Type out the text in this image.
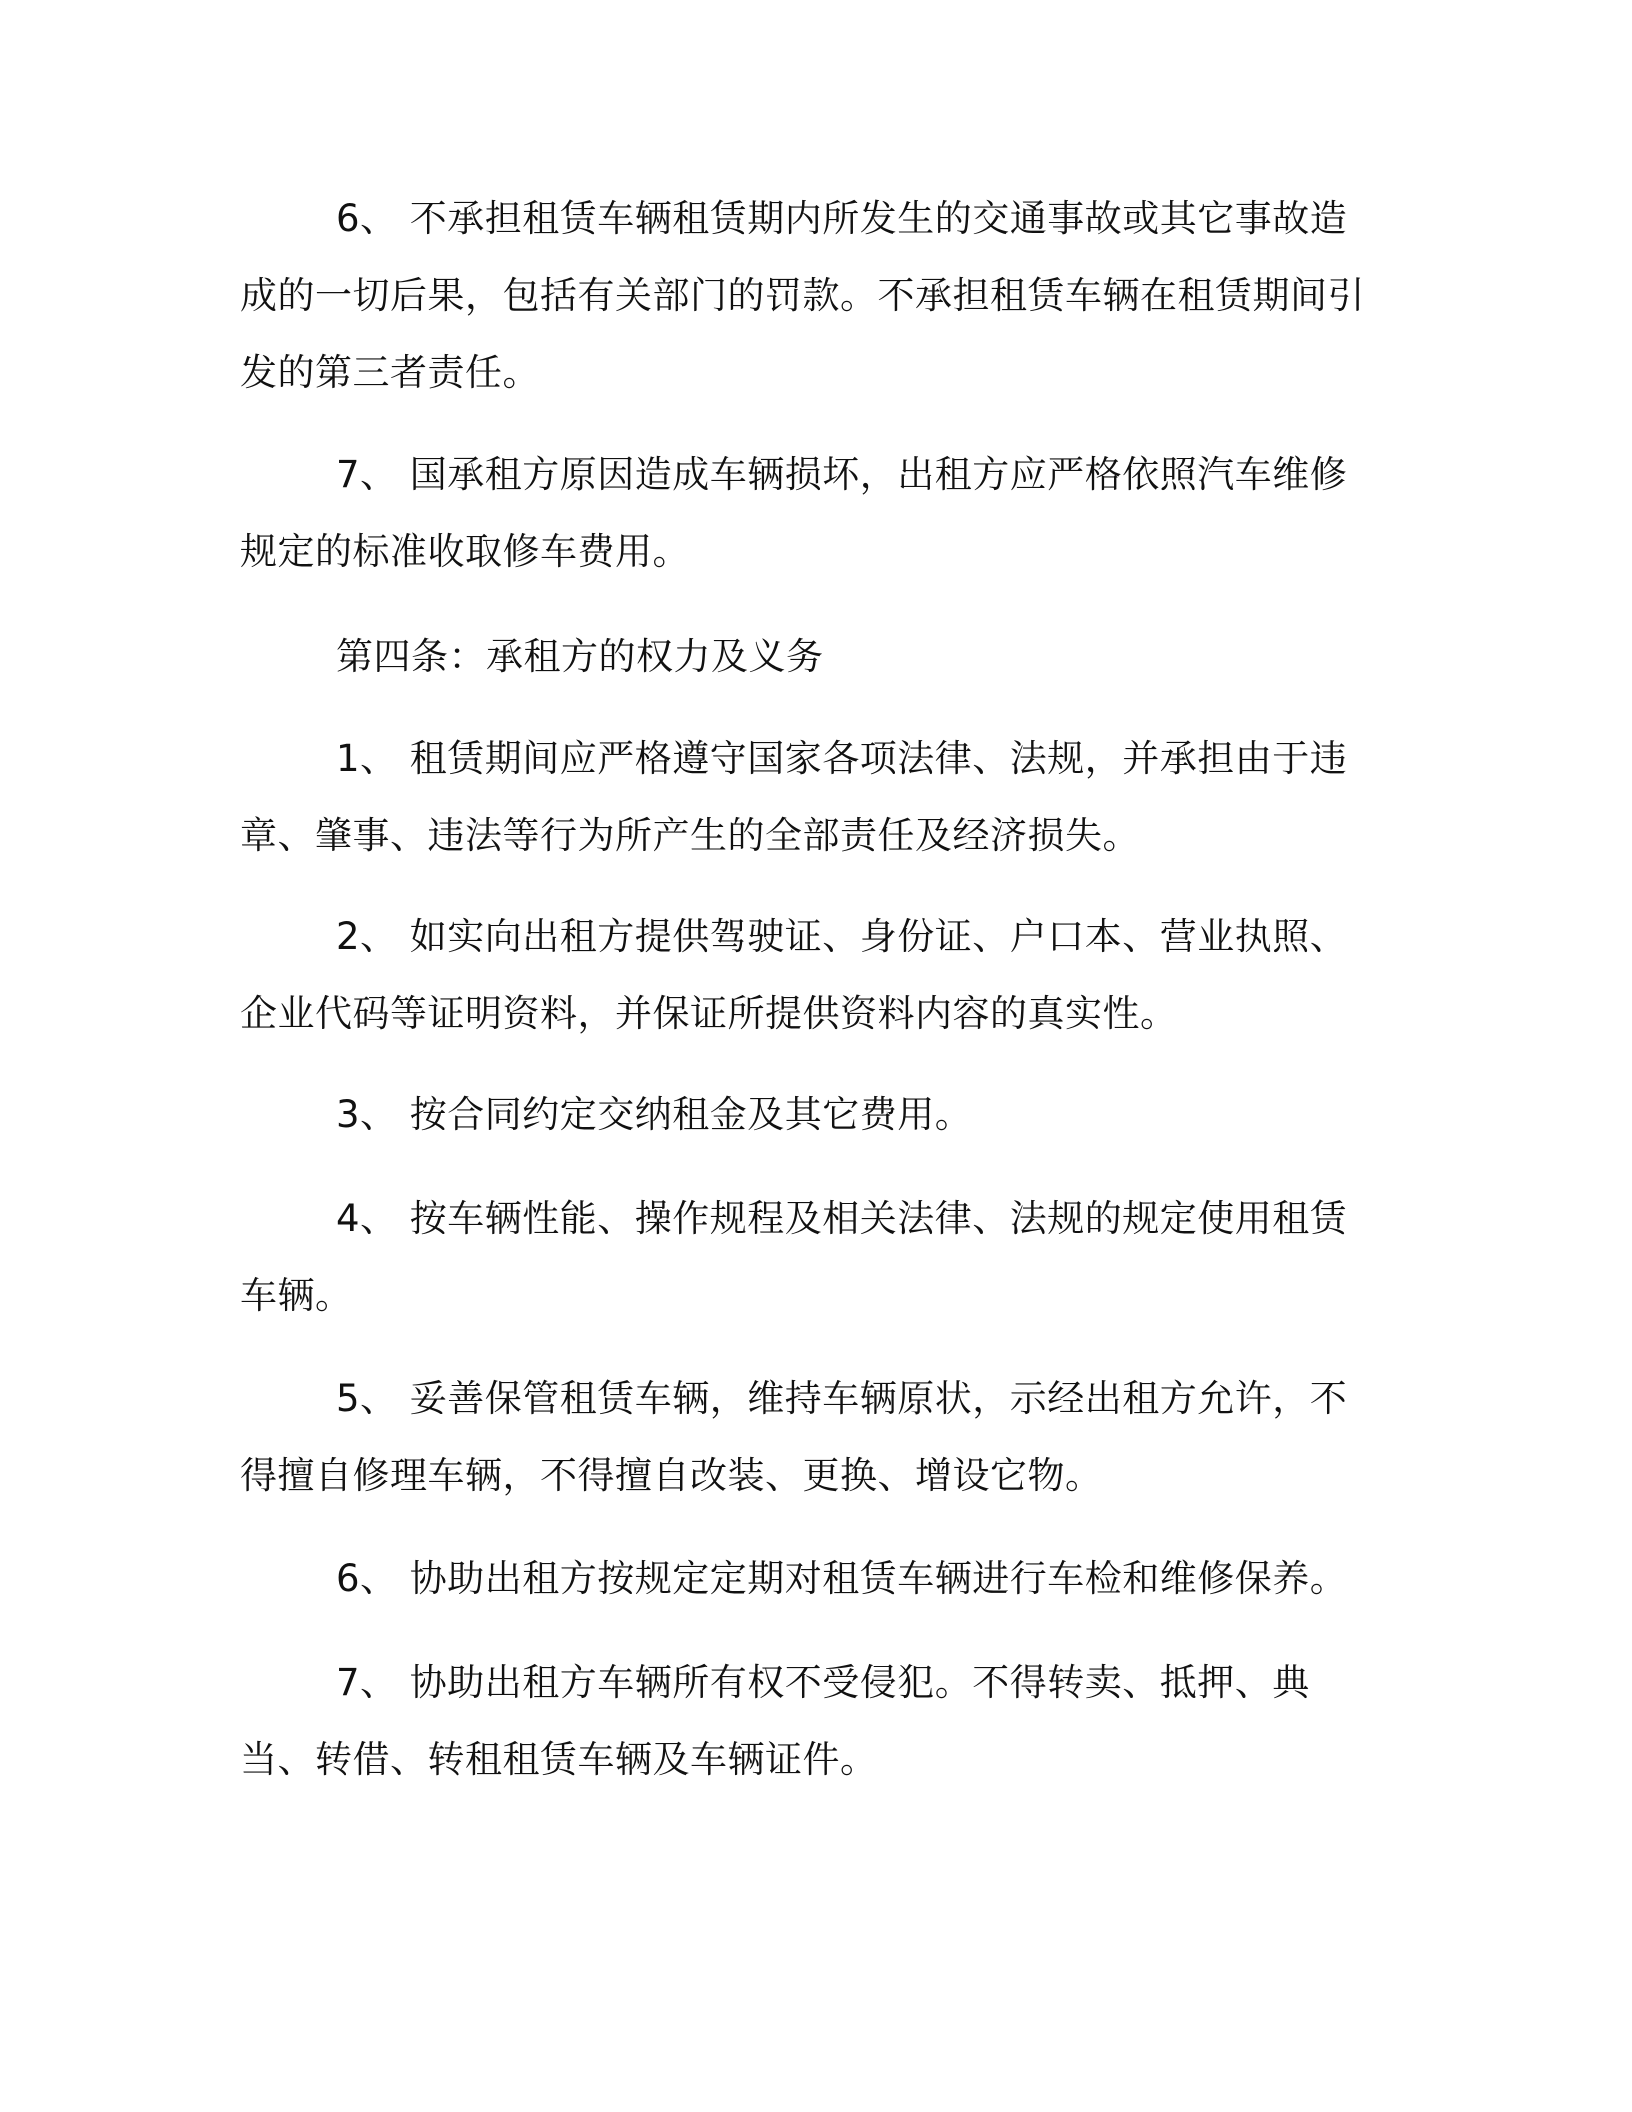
6、 不承担租赁车辆租赁期内所发生的交通事故或其它事故造成的一切后果，包括有关部门的罚款。不承担租赁车辆在租赁期间引发的第三者责任。

7、 国承租方原因造成车辆损坏，出租方应严格依照汽车维修规定的标准收取修车费用。

第四条：承租方的权力及义务

1、 租赁期间应严格遵守国家各项法律、法规，并承担由于违章、肇事、违法等行为所产生的全部责任及经济损失。

2、 如实向出租方提供驾驶证、身份证、户口本、营业执照、企业代码等证明资料，并保证所提供资料内容的真实性。

3、 按合同约定交纳租金及其它费用。

4、 按车辆性能、操作规程及相关法律、法规的规定使用租赁车辆。

5、 妥善保管租赁车辆，维持车辆原状，示经出租方允许，不得擅自修理车辆，不得擅自改装、更换、增设它物。

6、 协助出租方按规定定期对租赁车辆进行车检和维修保养。

7、 协助出租方车辆所有权不受侵犯。不得转卖、抵押、典当、转借、转租租赁车辆及车辆证件。
